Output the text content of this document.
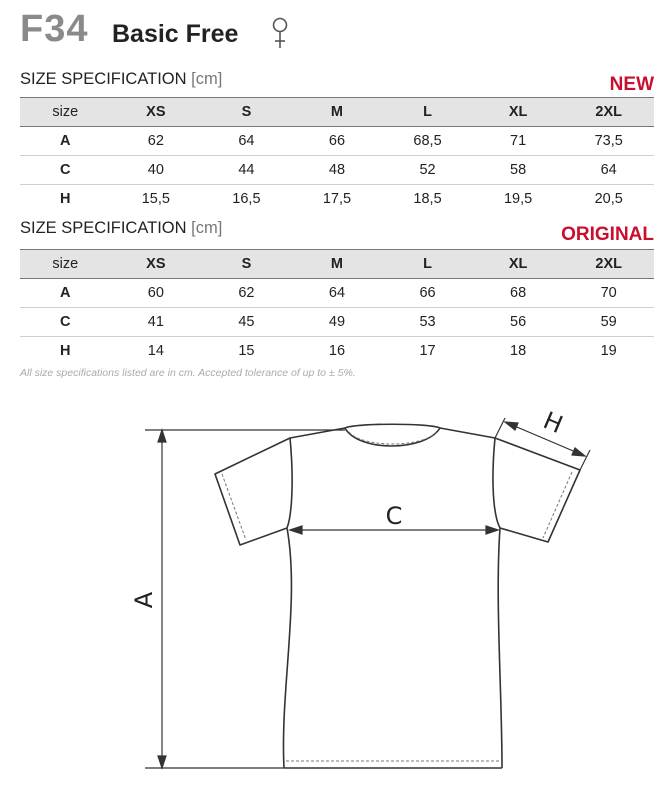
F34 Basic Free
SIZE SPECIFICATION [cm]	NEW
size	XS	S	M	L	XL	2XL
A	62	64	66	68,5	71	73,5
C	40	44	48	52	58	64
H	15,5	16,5	17,5	18,5	19,5	20,5
SIZE SPECIFICATION [cm]	ORIGINAL
size	XS	S	M	L	XL	2XL
A	60	62	64	66	68	70
C	41	45	49	53	56	59
H	14	15	16	17	18	19
All size specifications listed are in cm. Accepted tolerance of up to ± 5%.
A
C
H
